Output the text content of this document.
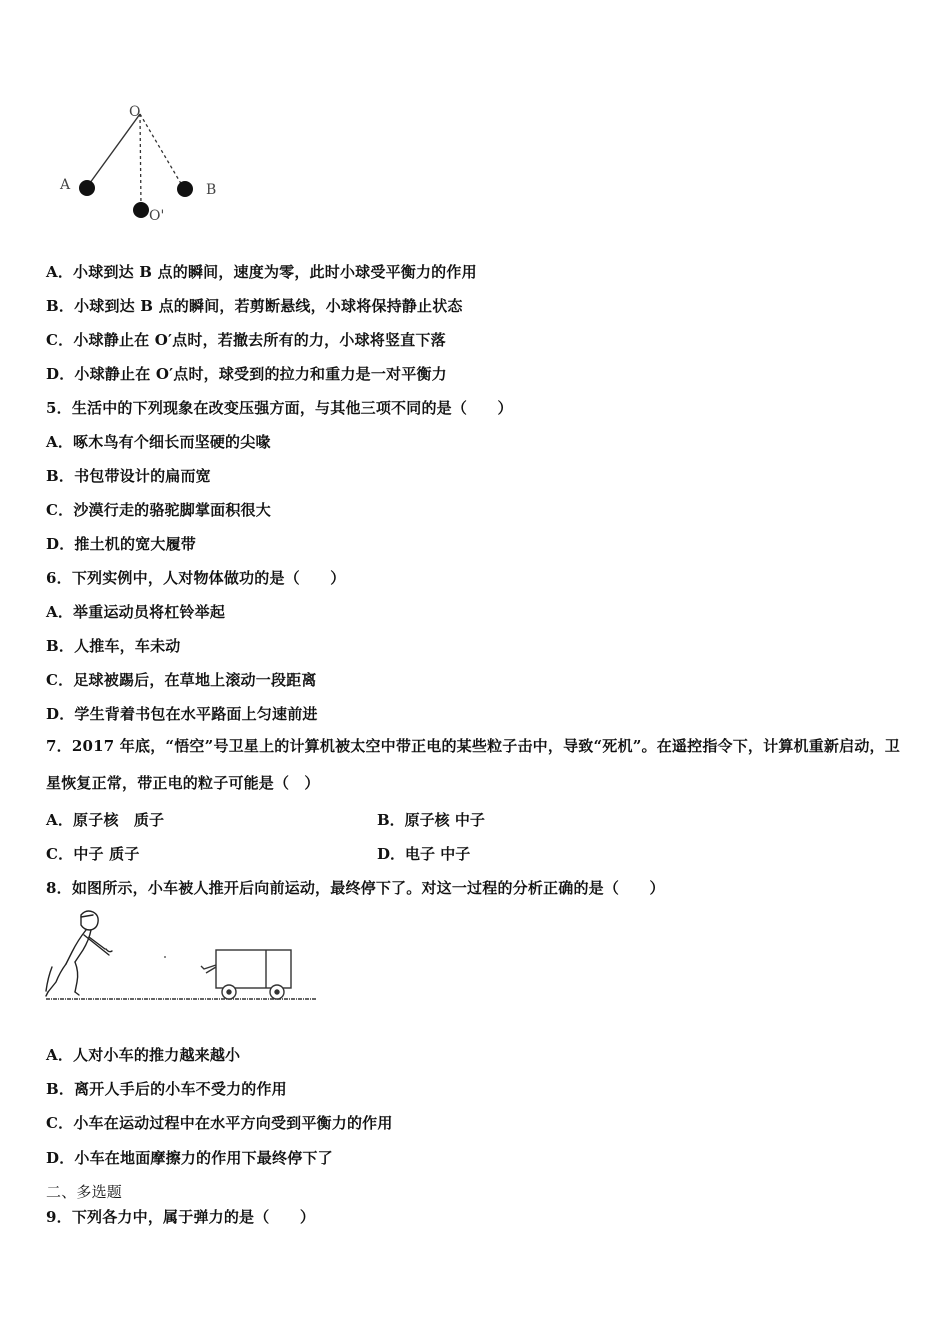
O
A	B
O'
A．小球到达 B 点的瞬间，速度为零，此时小球受平衡力的作用
B．小球到达 B 点的瞬间，若剪断悬线，小球将保持静止状态
C．小球静止在 O′点时，若撤去所有的力，小球将竖直下落
D．小球静止在 O′点时，球受到的拉力和重力是一对平衡力
5．生活中的下列现象在改变压强方面，与其他三项不同的是（　　）
A．啄木鸟有个细长而坚硬的尖喙
B．书包带设计的扁而宽
C．沙漠行走的骆驼脚掌面积很大
D．推土机的宽大履带
6．下列实例中，人对物体做功的是（　　）
A．举重运动员将杠铃举起
B．人推车，车未动
C．足球被踢后，在草地上滚动一段距离
D．学生背着书包在水平路面上匀速前进
7．2017 年底，“悟空”号卫星上的计算机被太空中带正电的某些粒子击中，导致“死机”。在遥控指令下，计算机重新启动，卫星恢复正常，带正电的粒子可能是（　）
A．原子核　质子	B．原子核 中子
C．中子 质子	D．电子 中子
8．如图所示，小车被人推开后向前运动，最终停下了。对这一过程的分析正确的是（　　）
A．人对小车的推力越来越小
B．离开人手后的小车不受力的作用
C．小车在运动过程中在水平方向受到平衡力的作用
D．小车在地面摩擦力的作用下最终停下了
二、多选题
9．下列各力中，属于弹力的是（　　）
